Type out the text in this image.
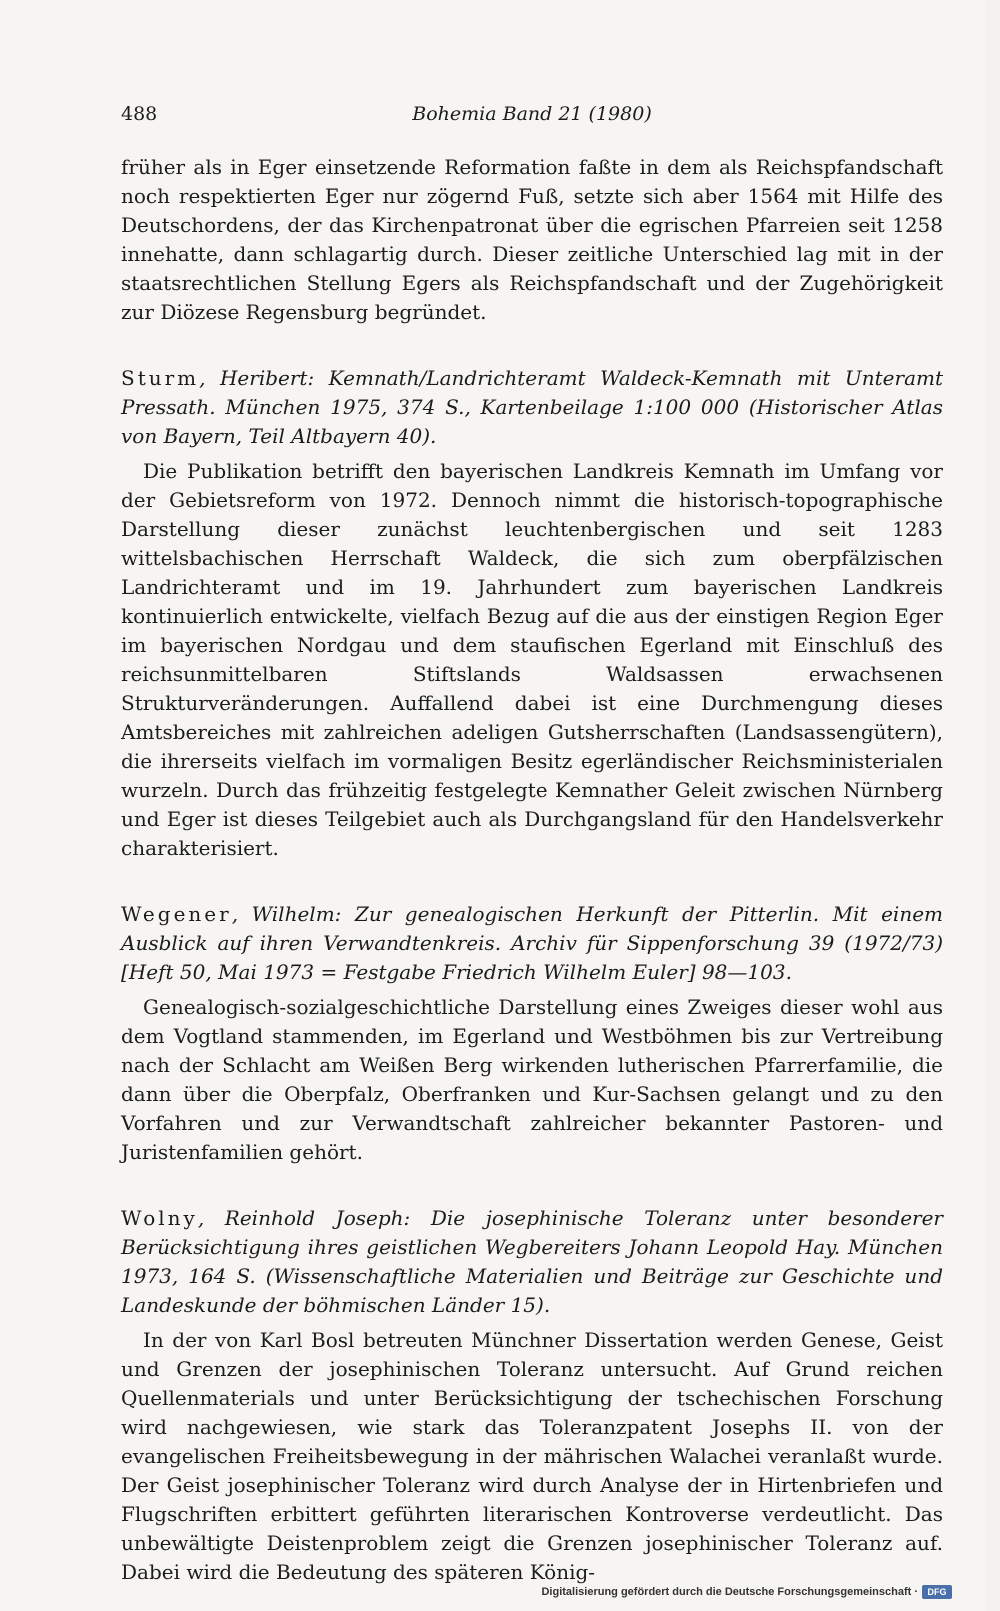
488	Bohemia Band 21 (1980)

früher als in Eger einsetzende Reformation faßte in dem als Reichspfandschaft noch respektierten Eger nur zögernd Fuß, setzte sich aber 1564 mit Hilfe des Deutschordens, der das Kirchenpatronat über die egrischen Pfarreien seit 1258 innehatte, dann schlagartig durch. Dieser zeitliche Unterschied lag mit in der staatsrechtlichen Stellung Egers als Reichspfandschaft und der Zugehörigkeit zur Diözese Regensburg begründet.

Sturm, Heribert: Kemnath/Landrichteramt Waldeck-Kemnath mit Unteramt Pressath. München 1975, 374 S., Kartenbeilage 1:100 000 (Historischer Atlas von Bayern, Teil Altbayern 40).

Die Publikation betrifft den bayerischen Landkreis Kemnath im Umfang vor der Gebietsreform von 1972. Dennoch nimmt die historisch-topographische Darstellung dieser zunächst leuchtenbergischen und seit 1283 wittelsbachischen Herrschaft Waldeck, die sich zum oberpfälzischen Landrichteramt und im 19. Jahrhundert zum bayerischen Landkreis kontinuierlich entwickelte, vielfach Bezug auf die aus der einstigen Region Eger im bayerischen Nordgau und dem staufischen Egerland mit Einschluß des reichsunmittelbaren Stiftslands Waldsassen erwachsenen Strukturveränderungen. Auffallend dabei ist eine Durchmengung dieses Amtsbereiches mit zahlreichen adeligen Gutsherrschaften (Landsassengütern), die ihrerseits vielfach im vormaligen Besitz egerländischer Reichsministerialen wurzeln. Durch das frühzeitig festgelegte Kemnather Geleit zwischen Nürnberg und Eger ist dieses Teilgebiet auch als Durchgangsland für den Handelsverkehr charakterisiert.

Wegener, Wilhelm: Zur genealogischen Herkunft der Pitterlin. Mit einem Ausblick auf ihren Verwandtenkreis. Archiv für Sippenforschung 39 (1972/73) [Heft 50, Mai 1973 = Festgabe Friedrich Wilhelm Euler] 98—103.

Genealogisch-sozialgeschichtliche Darstellung eines Zweiges dieser wohl aus dem Vogtland stammenden, im Egerland und Westböhmen bis zur Vertreibung nach der Schlacht am Weißen Berg wirkenden lutherischen Pfarrerfamilie, die dann über die Oberpfalz, Oberfranken und Kur-Sachsen gelangt und zu den Vorfahren und zur Verwandtschaft zahlreicher bekannter Pastoren- und Juristenfamilien gehört.

Wolny, Reinhold Joseph: Die josephinische Toleranz unter besonderer Berücksichtigung ihres geistlichen Wegbereiters Johann Leopold Hay. München 1973, 164 S. (Wissenschaftliche Materialien und Beiträge zur Geschichte und Landeskunde der böhmischen Länder 15).

In der von Karl Bosl betreuten Münchner Dissertation werden Genese, Geist und Grenzen der josephinischen Toleranz untersucht. Auf Grund reichen Quellenmaterials und unter Berücksichtigung der tschechischen Forschung wird nachgewiesen, wie stark das Toleranzpatent Josephs II. von der evangelischen Freiheitsbewegung in der mährischen Walachei veranlaßt wurde. Der Geist josephinischer Toleranz wird durch Analyse der in Hirtenbriefen und Flugschriften erbittert geführten literarischen Kontroverse verdeutlicht. Das unbewältigte Deistenproblem zeigt die Grenzen josephinischer Toleranz auf. Dabei wird die Bedeutung des späteren König-

Digitalisierung gefördert durch die Deutsche Forschungsgemeinschaft ·	DFG
